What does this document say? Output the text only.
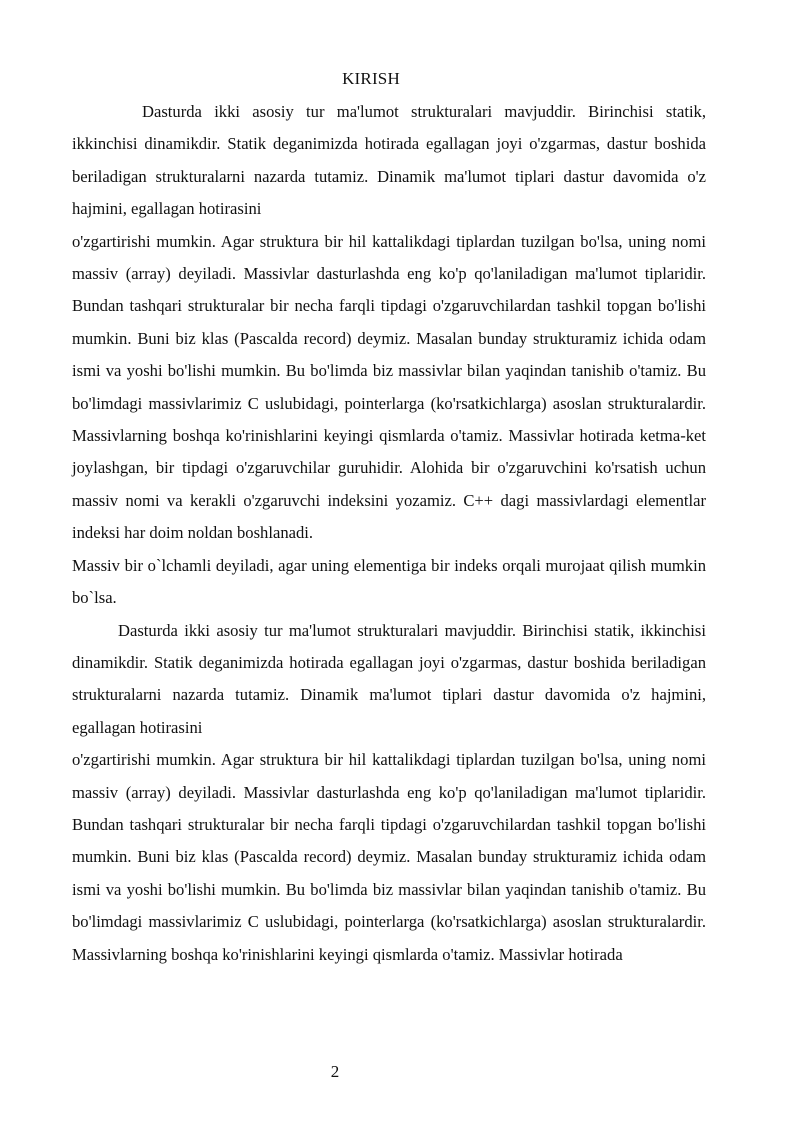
KIRISH

Dasturda ikki asosiy tur ma'lumot strukturalari mavjuddir. Birinchisi statik, ikkinchisi dinamikdir. Statik deganimizda hotirada egallagan joyi o'zgarmas, dastur boshida beriladigan strukturalarni nazarda tutamiz. Dinamik ma'lumot tiplari dastur davomida o'z hajmini, egallagan hotirasini

o'zgartirishi mumkin. Agar struktura bir hil kattalikdagi tiplardan tuzilgan bo'lsa, uning nomi massiv (array) deyiladi. Massivlar dasturlashda eng ko'p qo'laniladigan ma'lumot tiplaridir. Bundan tashqari strukturalar bir necha farqli tipdagi o'zgaruvchilardan tashkil topgan bo'lishi mumkin. Buni biz klas (Pascalda record) deymiz. Masalan bunday strukturamiz ichida odam ismi va yoshi bo'lishi mumkin. Bu bo'limda biz massivlar bilan yaqindan tanishib o'tamiz. Bu bo'limdagi massivlarimiz C uslubidagi, pointerlarga (ko'rsatkichlarga) asoslan strukturalardir. Massivlarning boshqa ko'rinishlarini keyingi qismlarda o'tamiz. Massivlar hotirada ketma-ket joylashgan, bir tipdagi o'zgaruvchilar guruhidir. Alohida bir o'zgaruvchini ko'rsatish uchun massiv nomi va kerakli o'zgaruvchi indeksini yozamiz. C++ dagi massivlardagi elementlar indeksi har doim noldan boshlanadi.

Massiv bir o`lchamli deyiladi, agar uning elementiga bir indeks orqali murojaat qilish mumkin bo`lsa.

Dasturda ikki asosiy tur ma'lumot strukturalari mavjuddir. Birinchisi statik, ikkinchisi dinamikdir. Statik deganimizda hotirada egallagan joyi o'zgarmas, dastur boshida beriladigan strukturalarni nazarda tutamiz. Dinamik ma'lumot tiplari dastur davomida o'z hajmini, egallagan hotirasini

o'zgartirishi mumkin. Agar struktura bir hil kattalikdagi tiplardan tuzilgan bo'lsa, uning nomi massiv (array) deyiladi. Massivlar dasturlashda eng ko'p qo'laniladigan ma'lumot tiplaridir. Bundan tashqari strukturalar bir necha farqli tipdagi o'zgaruvchilardan tashkil topgan bo'lishi mumkin. Buni biz klas (Pascalda record) deymiz. Masalan bunday strukturamiz ichida odam ismi va yoshi bo'lishi mumkin. Bu bo'limda biz massivlar bilan yaqindan tanishib o'tamiz. Bu bo'limdagi massivlarimiz C uslubidagi, pointerlarga (ko'rsatkichlarga) asoslan strukturalardir. Massivlarning boshqa ko'rinishlarini keyingi qismlarda o'tamiz. Massivlar hotirada

2
